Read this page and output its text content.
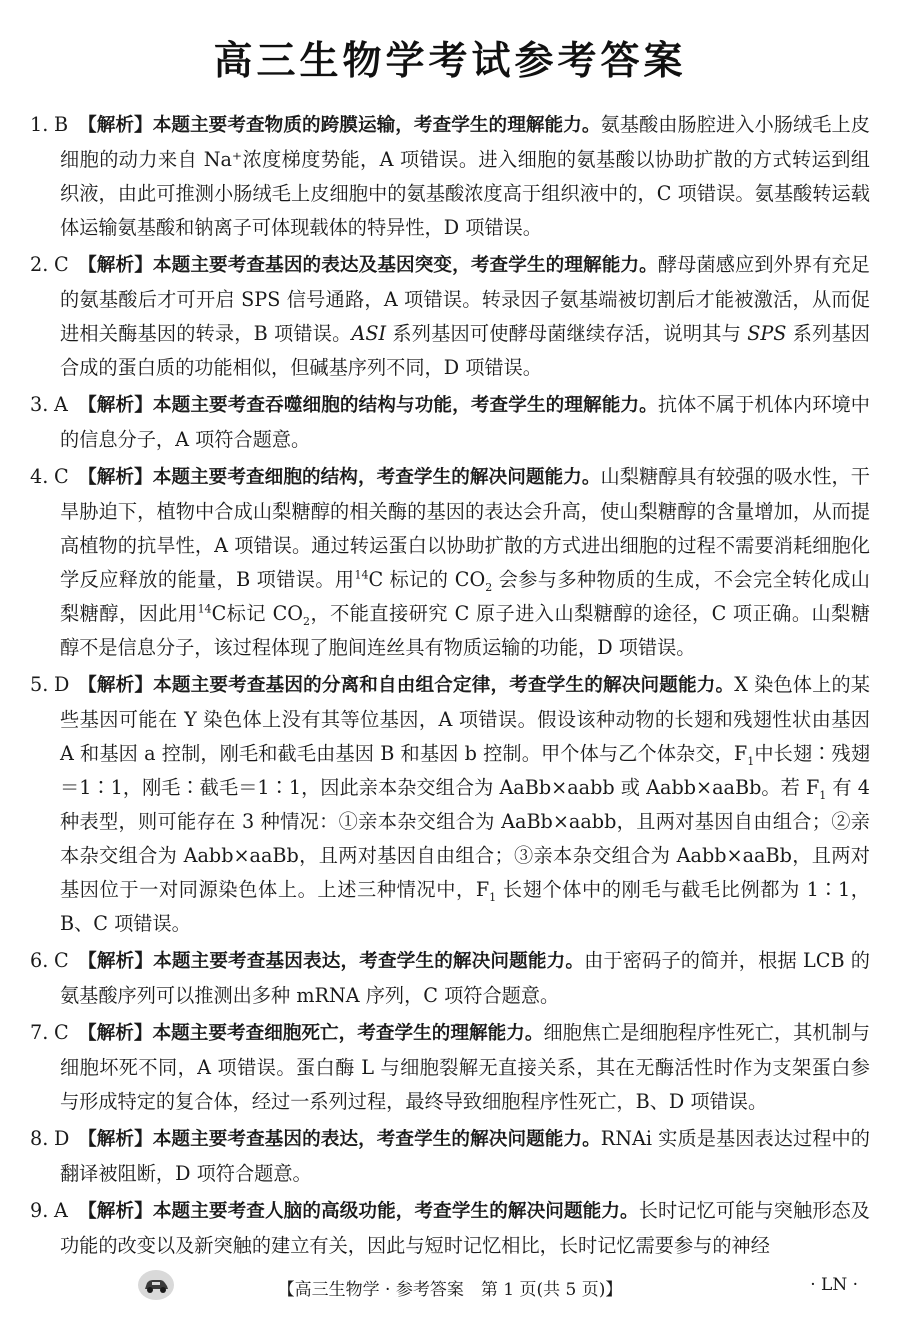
高三生物学考试参考答案

1. B 【解析】本题主要考查物质的跨膜运输，考查学生的理解能力。氨基酸由肠腔进入小肠绒毛上皮细胞的动力来自 Na⁺浓度梯度势能，A 项错误。进入细胞的氨基酸以协助扩散的方式转运到组织液，由此可推测小肠绒毛上皮细胞中的氨基酸浓度高于组织液中的，C 项错误。氨基酸转运载体运输氨基酸和钠离子可体现载体的特异性，D 项错误。

2. C 【解析】本题主要考查基因的表达及基因突变，考查学生的理解能力。酵母菌感应到外界有充足的氨基酸后才可开启 SPS 信号通路，A 项错误。转录因子氨基端被切割后才能被激活，从而促进相关酶基因的转录，B 项错误。ASI 系列基因可使酵母菌继续存活，说明其与 SPS 系列基因合成的蛋白质的功能相似，但碱基序列不同，D 项错误。

3. A 【解析】本题主要考查吞噬细胞的结构与功能，考查学生的理解能力。抗体不属于机体内环境中的信息分子，A 项符合题意。

4. C 【解析】本题主要考查细胞的结构，考查学生的解决问题能力。山梨糖醇具有较强的吸水性，干旱胁迫下，植物中合成山梨糖醇的相关酶的基因的表达会升高，使山梨糖醇的含量增加，从而提高植物的抗旱性，A 项错误。通过转运蛋白以协助扩散的方式进出细胞的过程不需要消耗细胞化学反应释放的能量，B 项错误。用$^{14}$C 标记的 $CO_2$ 会参与多种物质的生成，不会完全转化成山梨糖醇，因此用$^{14}$C标记 $CO_2$，不能直接研究 C 原子进入山梨糖醇的途径，C 项正确。山梨糖醇不是信息分子，该过程体现了胞间连丝具有物质运输的功能，D 项错误。

5. D 【解析】本题主要考查基因的分离和自由组合定律，考查学生的解决问题能力。X 染色体上的某些基因可能在 Y 染色体上没有其等位基因，A 项错误。假设该种动物的长翅和残翅性状由基因 A 和基因 a 控制，刚毛和截毛由基因 B 和基因 b 控制。甲个体与乙个体杂交，$F_1$中长翅∶残翅＝1∶1，刚毛∶截毛＝1∶1，因此亲本杂交组合为 AaBb×aabb 或 Aabb×aaBb。若 $F_1$ 有 4 种表型，则可能存在 3 种情况：①亲本杂交组合为 AaBb×aabb，且两对基因自由组合；②亲本杂交组合为 Aabb×aaBb，且两对基因自由组合；③亲本杂交组合为 Aabb×aaBb，且两对基因位于一对同源染色体上。上述三种情况中，$F_1$ 长翅个体中的刚毛与截毛比例都为 1∶1，B、C 项错误。

6. C 【解析】本题主要考查基因表达，考查学生的解决问题能力。由于密码子的简并，根据 LCB 的氨基酸序列可以推测出多种 mRNA 序列，C 项符合题意。

7. C 【解析】本题主要考查细胞死亡，考查学生的理解能力。细胞焦亡是细胞程序性死亡，其机制与细胞坏死不同，A 项错误。蛋白酶 L 与细胞裂解无直接关系，其在无酶活性时作为支架蛋白参与形成特定的复合体，经过一系列过程，最终导致细胞程序性死亡，B、D 项错误。

8. D 【解析】本题主要考查基因的表达，考查学生的解决问题能力。RNAi 实质是基因表达过程中的翻译被阻断，D 项符合题意。

9. A 【解析】本题主要考查人脑的高级功能，考查学生的解决问题能力。长时记忆可能与突触形态及功能的改变以及新突触的建立有关，因此与短时记忆相比，长时记忆需要参与的神经

【高三生物学 · 参考答案　第 1 页(共 5 页)】	· LN ·
